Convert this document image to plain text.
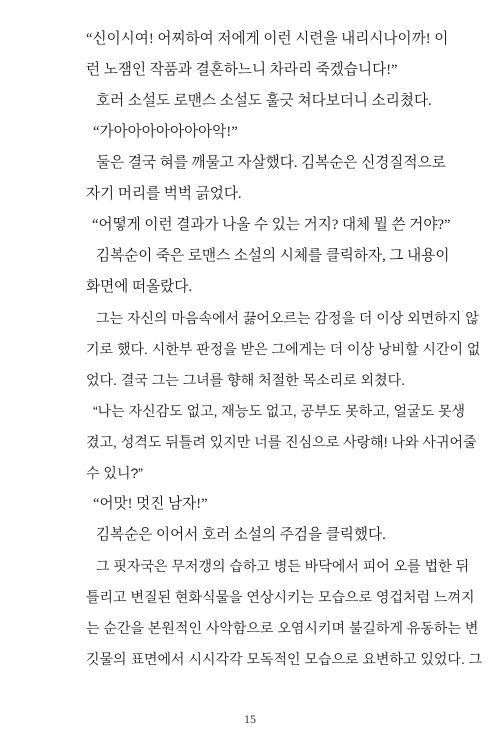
“신이시여! 어찌하여 저에게 이런 시련을 내리시나이까! 이
런 노잼인 작품과 결혼하느니 차라리 죽겠습니다!”
호러 소설도 로맨스 소설도 훌긋 쳐다보더니 소리쳤다.
“가아아아아아아아악!”
둘은 결국 혀를 깨물고 자살했다. 김복순은 신경질적으로
자기 머리를 벅벅 긁었다.
“어떻게 이런 결과가 나올 수 있는 거지? 대체 뭘 쓴 거야?”
김복순이 죽은 로맨스 소설의 시체를 클릭하자, 그 내용이
화면에 떠올랐다.
그는 자신의 마음속에서 끓어오르는 감정을 더 이상 외면하지 않
기로 했다. 시한부 판정을 받은 그에게는 더 이상 낭비할 시간이 없
었다. 결국 그는 그녀를 향해 처절한 목소리로 외쳤다.
“나는 자신감도 없고, 재능도 없고, 공부도 못하고, 얼굴도 못생
겼고, 성격도 뒤틀려 있지만 너를 진심으로 사랑해! 나와 사귀어줄
수 있니?”
“어맛! 멋진 남자!”
김복순은 이어서 호러 소설의 주검을 클릭했다.
그 핏자국은 무저갱의 습하고 병든 바닥에서 피어 오를 법한 뒤
틀리고 변질된 현화식물을 연상시키는 모습으로 영겁처럼 느껴지
는 순간을 본원적인 사악함으로 오염시키며 불길하게 유동하는 변
15
깃물의 표면에서 시시각각 모독적인 모습으로 요변하고 있었다. 그
